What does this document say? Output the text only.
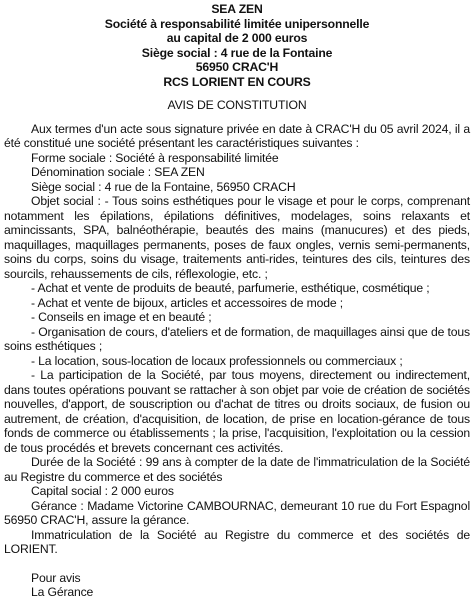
SEA ZEN
Société à responsabilité limitée unipersonnelle
au capital de 2 000 euros
Siège social : 4 rue de la Fontaine
56950 CRAC'H
RCS LORIENT EN COURS
AVIS DE CONSTITUTION

Aux termes d'un acte sous signature privée en date à CRAC'H du 05 avril 2024, il a été constitué une société présentant les caractéristiques suivantes :

Forme sociale : Société à responsabilité limitée

Dénomination sociale : SEA ZEN

Siège social : 4 rue de la Fontaine, 56950 CRACH

Objet social : - Tous soins esthétiques pour le visage et pour le corps, comprenant notamment les épilations, épilations définitives, modelages, soins relaxants et amincissants, SPA, balnéothérapie, beautés des mains (manucures) et des pieds, maquillages, maquillages permanents, poses de faux ongles, vernis semi-permanents, soins du corps, soins du visage, traitements anti-rides, teintures des cils, teintures des sourcils, rehaussements de cils, réflexologie, etc. ;

- Achat et vente de produits de beauté, parfumerie, esthétique, cosmétique ;

- Achat et vente de bijoux, articles et accessoires de mode ;

- Conseils en image et en beauté ;

- Organisation de cours, d'ateliers et de formation, de maquillages ainsi que de tous soins esthétiques ;

- La location, sous-location de locaux professionnels ou commerciaux ;

- La participation de la Société, par tous moyens, directement ou indirectement, dans toutes opérations pouvant se rattacher à son objet par voie de création de sociétés nouvelles, d'apport, de souscription ou d'achat de titres ou droits sociaux, de fusion ou autrement, de création, d'acquisition, de location, de prise en location-gérance de tous fonds de commerce ou établissements ; la prise, l'acquisition, l'exploitation ou la cession de tous procédés et brevets concernant ces activités.

Durée de la Société : 99 ans à compter de la date de l'immatriculation de la Société au Registre du commerce et des sociétés

Capital social : 2 000 euros

Gérance : Madame Victorine CAMBOURNAC, demeurant 10 rue du Fort Espagnol 56950 CRAC'H, assure la gérance.

Immatriculation de la Société au Registre du commerce et des sociétés de LORIENT.

Pour avis
La Gérance
